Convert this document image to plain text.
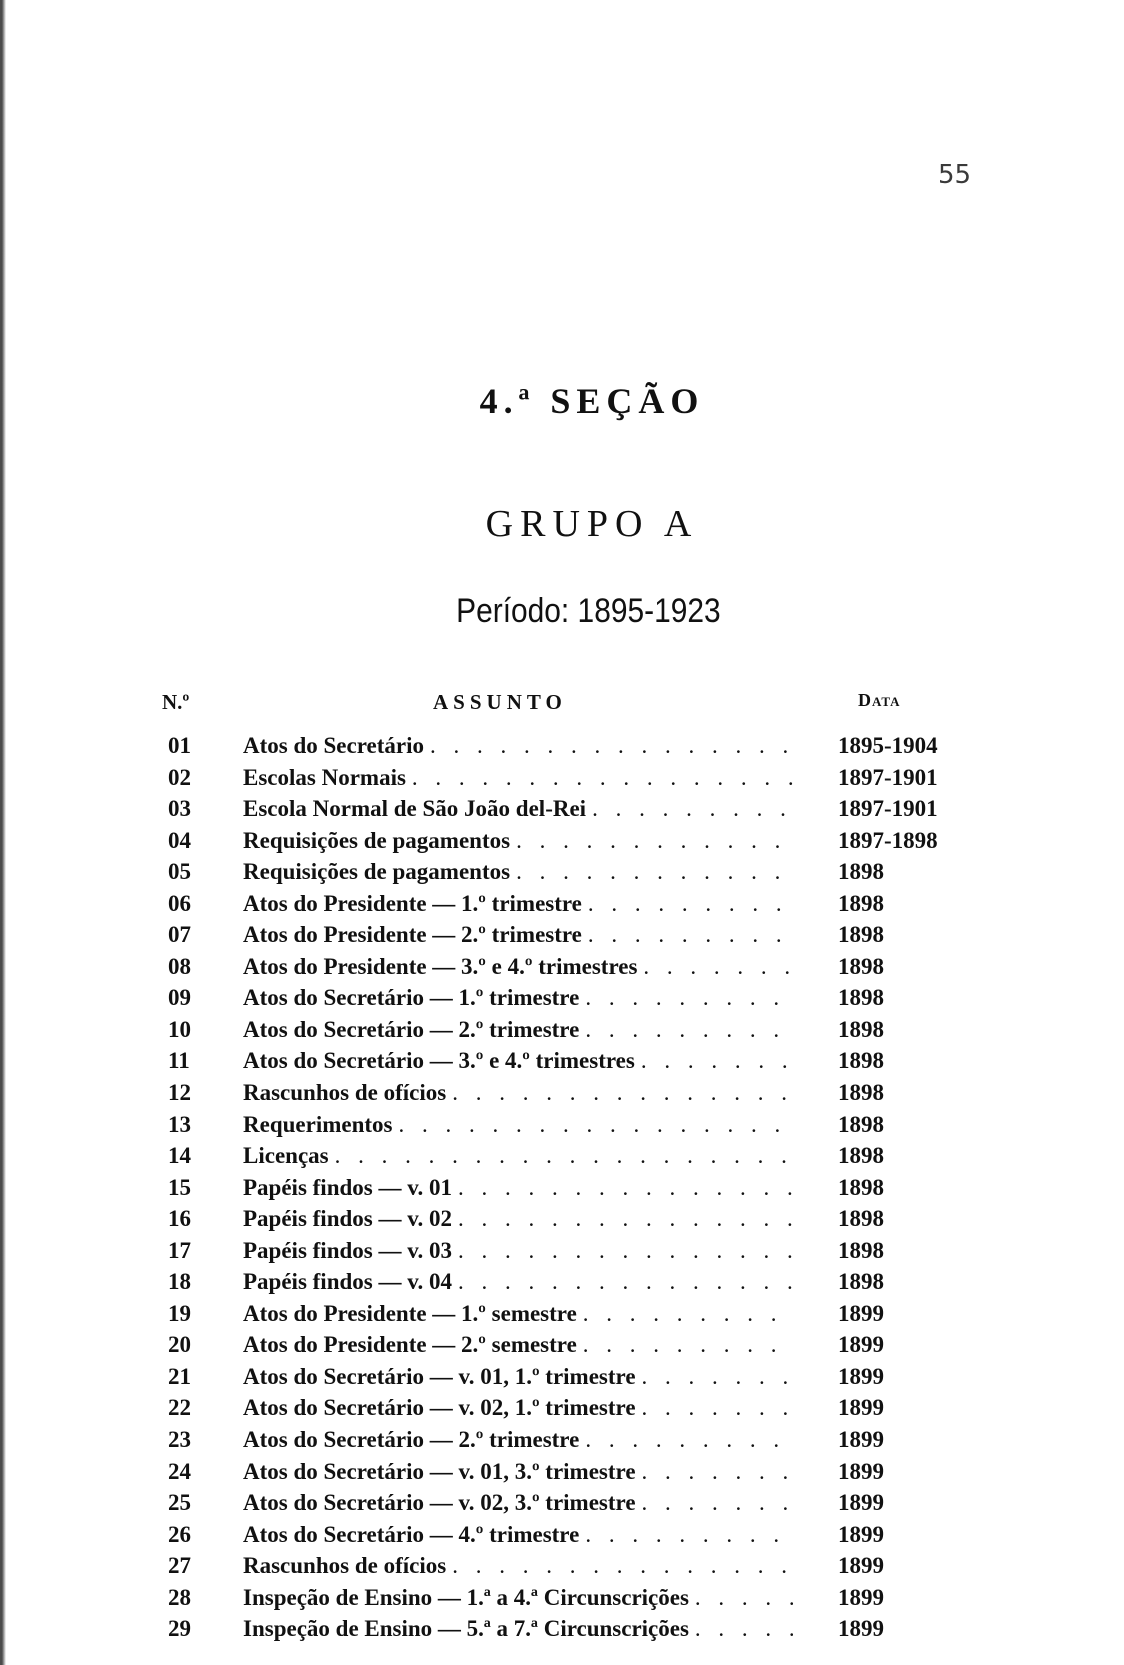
55
4.ª SEÇÃO
GRUPO A
Período: 1895-1923
N.º	ASSUNTO	Data
01 Atos do Secretário . . .	1895-1904
02 Escolas Normais . . .	1897-1901
03 Escola Normal de São João del-Rei . . .	1897-1901
04 Requisições de pagamentos . . .	1897-1898
05 Requisições de pagamentos . . .	1898
06 Atos do Presidente — 1.º trimestre . . .	1898
07 Atos do Presidente — 2.º trimestre . . .	1898
08 Atos do Presidente — 3.º e 4.º trimestres . . .	1898
09 Atos do Secretário — 1.º trimestre . . .	1898
10 Atos do Secretário — 2.º trimestre . . .	1898
11 Atos do Secretário — 3.º e 4.º trimestres . . .	1898
12 Rascunhos de ofícios . . .	1898
13 Requerimentos . . .	1898
14 Licenças . . .	1898
15 Papéis findos — v. 01 . . .	1898
16 Papéis findos — v. 02 . . .	1898
17 Papéis findos — v. 03 . . .	1898
18 Papéis findos — v. 04 . . .	1898
19 Atos do Presidente — 1.º semestre . . .	1899
20 Atos do Presidente — 2.º semestre . . .	1899
21 Atos do Secretário — v. 01, 1.º trimestre . . .	1899
22 Atos do Secretário — v. 02, 1.º trimestre . . .	1899
23 Atos do Secretário — 2.º trimestre . . .	1899
24 Atos do Secretário — v. 01, 3.º trimestre . . .	1899
25 Atos do Secretário — v. 02, 3.º trimestre . . .	1899
26 Atos do Secretário — 4.º trimestre . . .	1899
27 Rascunhos de ofícios . . .	1899
28 Inspeção de Ensino — 1.ª a 4.ª Circunscrições . . .	1899
29 Inspeção de Ensino — 5.ª a 7.ª Circunscrições . . .	1899
